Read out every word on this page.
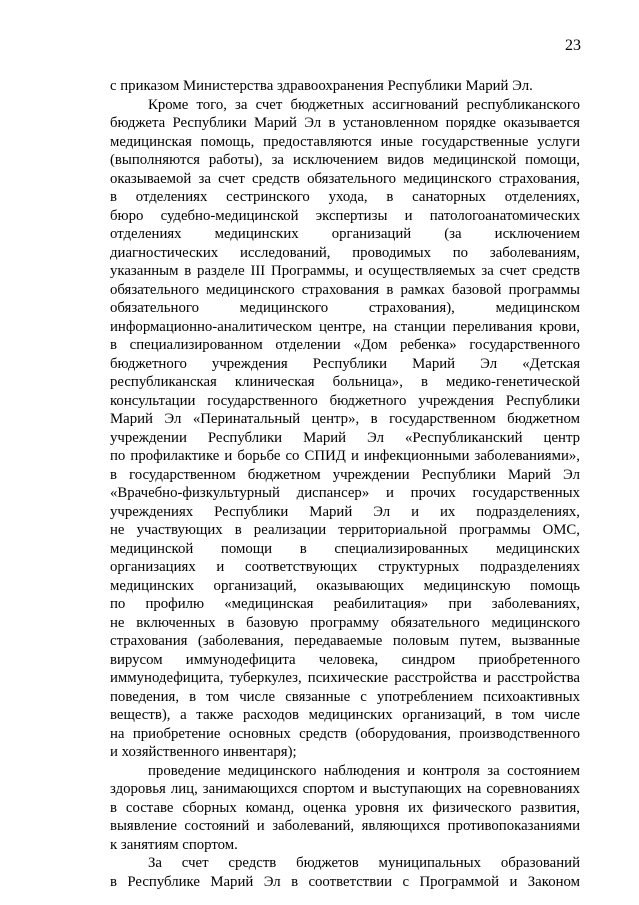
23
с приказом Министерства здравоохранения Республики Марий Эл.
Кроме того, за счет бюджетных ассигнований республиканского
бюджета Республики Марий Эл в установленном порядке оказывается
медицинская помощь, предоставляются иные государственные услуги
(выполняются работы), за исключением видов медицинской помощи,
оказываемой за счет средств обязательного медицинского страхования,
в отделениях сестринского ухода, в санаторных отделениях,
бюро судебно-медицинской экспертизы и патологоанатомических
отделениях медицинских организаций (за исключением
диагностических исследований, проводимых по заболеваниям,
указанным в разделе III Программы, и осуществляемых за счет средств
обязательного медицинского страхования в рамках базовой программы
обязательного медицинского страхования), медицинском
информационно-аналитическом центре, на станции переливания крови,
в специализированном отделении «Дом ребенка» государственного
бюджетного учреждения Республики Марий Эл «Детская
республиканская клиническая больница», в медико-генетической
консультации государственного бюджетного учреждения Республики
Марий Эл «Перинатальный центр», в государственном бюджетном
учреждении Республики Марий Эл «Республиканский центр
по профилактике и борьбе со СПИД и инфекционными заболеваниями»,
в государственном бюджетном учреждении Республики Марий Эл
«Врачебно-физкультурный диспансер» и прочих государственных
учреждениях Республики Марий Эл и их подразделениях,
не участвующих в реализации территориальной программы ОМС,
медицинской помощи в специализированных медицинских
организациях и соответствующих структурных подразделениях
медицинских организаций, оказывающих медицинскую помощь
по профилю «медицинская реабилитация» при заболеваниях,
не включенных в базовую программу обязательного медицинского
страхования (заболевания, передаваемые половым путем, вызванные
вирусом иммунодефицита человека, синдром приобретенного
иммунодефицита, туберкулез, психические расстройства и расстройства
поведения, в том числе связанные с употреблением психоактивных
веществ), а также расходов медицинских организаций, в том числе
на приобретение основных средств (оборудования, производственного
и хозяйственного инвентаря);
проведение медицинского наблюдения и контроля за состоянием
здоровья лиц, занимающихся спортом и выступающих на соревнованиях
в составе сборных команд, оценка уровня их физического развития,
выявление состояний и заболеваний, являющихся противопоказаниями
к занятиям спортом.
За счет средств бюджетов муниципальных образований
в Республике Марий Эл в соответствии с Программой и Законом
